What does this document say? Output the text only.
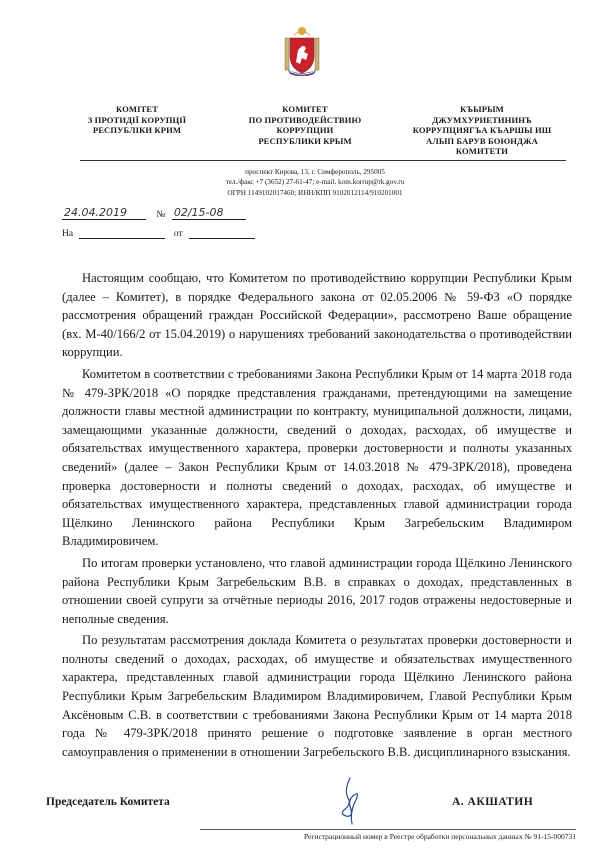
КОМІТЕТ
З ПРОТИДІЇ КОРУПЦІЇ
РЕСПУБЛІКИ КРИМ
КОМИТЕТ
ПО ПРОТИВОДЕЙСТВИЮ
КОРРУПЦИИ
РЕСПУБЛИКИ КРЫМ
КЪЫРЫМ
ДЖУМХУРИЕТИНИНЪ
КОРРУПЦИЯГЪА КЪАРШЫ ИШ
АЛЫП БАРУВ БОЮНДЖА
КОМИТЕТИ
проспект Кирова, 13, г. Симферополь, 295005
тел./факс +7 (3652) 27-61-47; e-mail. kom.korrup@rk.gov.ru
ОГРН 1149102017460; ИНН/КПП 9102012114/910201001
24.04.2019	№ 02/15-08
На	от

Настоящим сообщаю, что Комитетом по противодействию коррупции Республики Крым (далее – Комитет), в порядке Федерального закона от 02.05.2006 № 59-ФЗ «О порядке рассмотрения обращений граждан Российской Федерации», рассмотрено Ваше обращение (вх. М-40/166/2 от 15.04.2019) о нарушениях требований законодательства о противодействии коррупции.

Комитетом в соответствии с требованиями Закона Республики Крым от 14 марта 2018 года № 479-ЗРК/2018 «О порядке представления гражданами, претендующими на замещение должности главы местной администрации по контракту, муниципальной должности, лицами, замещающими указанные должности, сведений о доходах, расходах, об имуществе и обязательствах имущественного характера, проверки достоверности и полноты указанных сведений» (далее – Закон Республики Крым от 14.03.2018 № 479-ЗРК/2018), проведена проверка достоверности и полноты сведений о доходах, расходах, об имуществе и обязательствах имущественного характера, представленных главой администрации города Щёлкино Ленинского района Республики Крым Загребельским Владимиром Владимировичем.

По итогам проверки установлено, что главой администрации города Щёлкино Ленинского района Республики Крым Загребельским В.В. в справках о доходах, представленных в отношении своей супруги за отчётные периоды 2016, 2017 годов отражены недостоверные и неполные сведения.

По результатам рассмотрения доклада Комитета о результатах проверки достоверности и полноты сведений о доходах, расходах, об имуществе и обязательствах имущественного характера, представленных главой администрации города Щёлкино Ленинского района Республики Крым Загребельским Владимиром Владимировичем, Главой Республики Крым Аксёновым С.В. в соответствии с требованиями Закона Республики Крым от 14 марта 2018 года № 479-ЗРК/2018 принято решение о подготовке заявление в орган местного самоуправления о применении в отношении Загребельского В.В. дисциплинарного взыскания.

Председатель Комитета	А. АКШАТИН
Регистрационный номер в Реестре обработки персональных данных № 91-15-000731
